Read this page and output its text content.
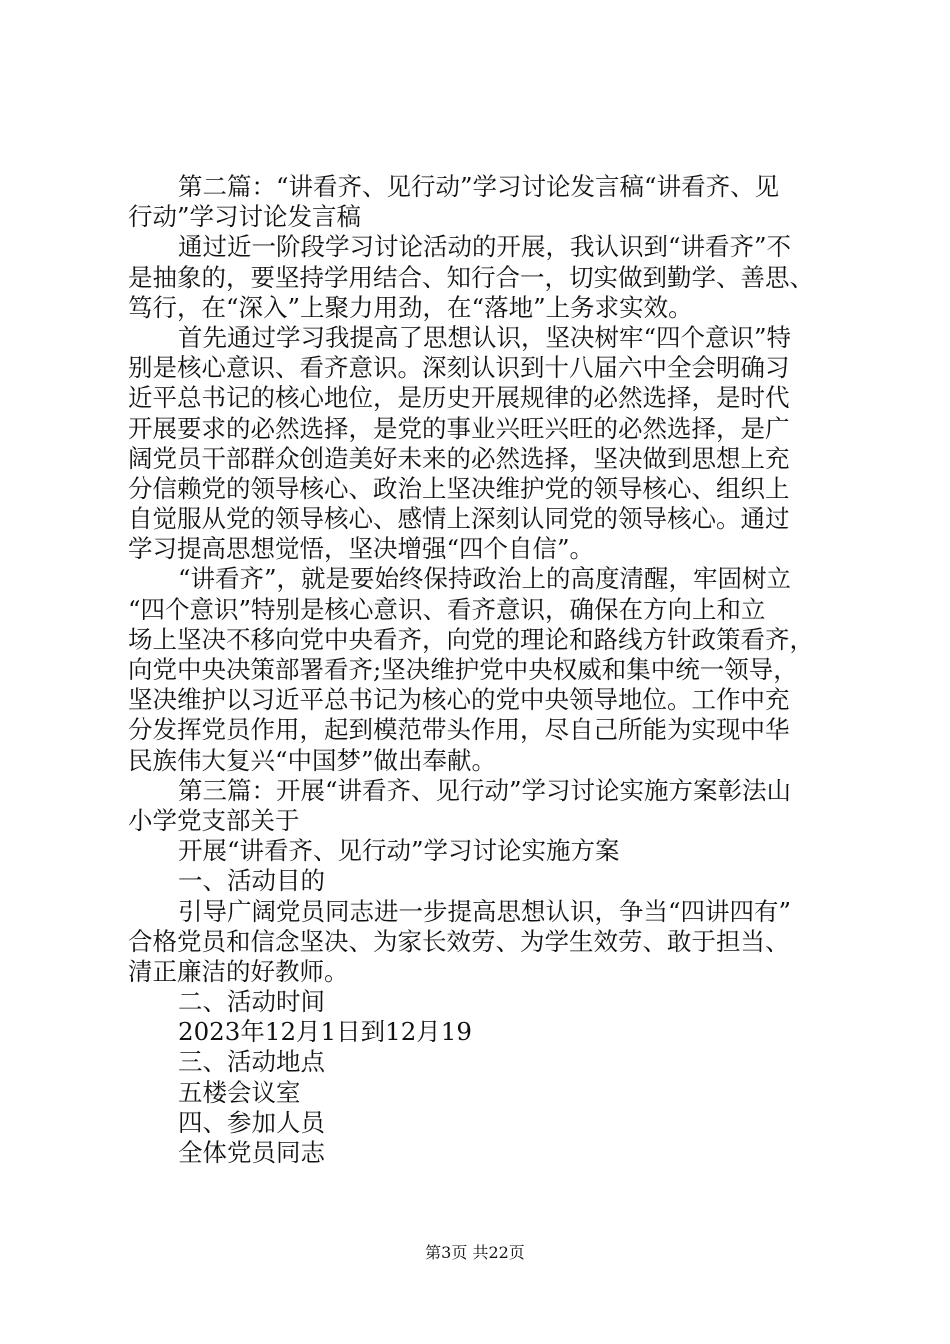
第二篇：“讲看齐、见行动”学习讨论发言稿“讲看齐、见
行动”学习讨论发言稿
通过近一阶段学习讨论活动的开展，我认识到“讲看齐”不
是抽象的，要坚持学用结合、知行合一，切实做到勤学、善思、
笃行，在“深入”上聚力用劲，在“落地”上务求实效。
首先通过学习我提高了思想认识，坚决树牢“四个意识”特
别是核心意识、看齐意识。深刻认识到十八届六中全会明确习
近平总书记的核心地位，是历史开展规律的必然选择，是时代
开展要求的必然选择，是党的事业兴旺兴旺的必然选择，是广
阔党员干部群众创造美好未来的必然选择，坚决做到思想上充
分信赖党的领导核心、政治上坚决维护党的领导核心、组织上
自觉服从党的领导核心、感情上深刻认同党的领导核心。通过
学习提高思想觉悟，坚决增强“四个自信”。
“讲看齐”，就是要始终保持政治上的高度清醒，牢固树立
“四个意识”特别是核心意识、看齐意识，确保在方向上和立
场上坚决不移向党中央看齐，向党的理论和路线方针政策看齐，
向党中央决策部署看齐;坚决维护党中央权威和集中统一领导，
坚决维护以习近平总书记为核心的党中央领导地位。工作中充
分发挥党员作用，起到模范带头作用，尽自己所能为实现中华
民族伟大复兴“中国梦”做出奉献。
第三篇：开展“讲看齐、见行动”学习讨论实施方案彰法山
小学党支部关于
开展“讲看齐、见行动”学习讨论实施方案
一、活动目的
引导广阔党员同志进一步提高思想认识，争当“四讲四有”
合格党员和信念坚决、为家长效劳、为学生效劳、敢于担当、
清正廉洁的好教师。
二、活动时间
2023年12月1日到12月19
三、活动地点
五楼会议室
四、参加人员
全体党员同志
第3页 共22页
